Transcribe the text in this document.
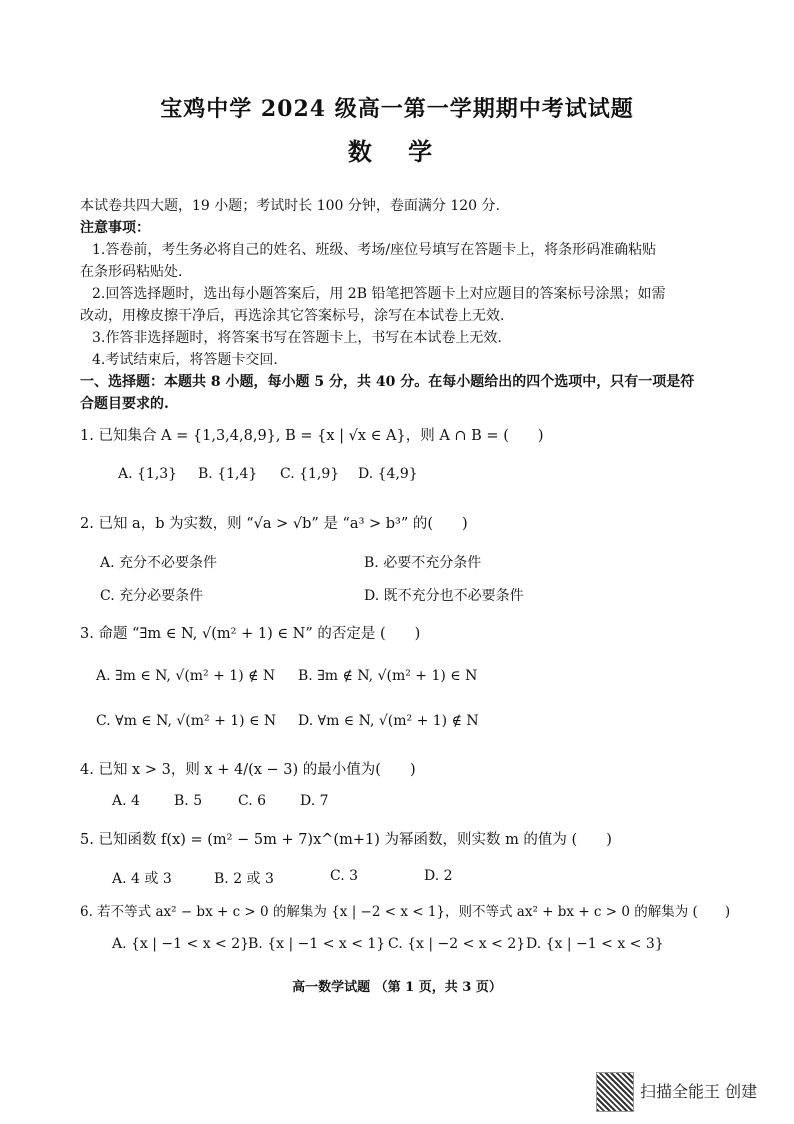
宝鸡中学 2024 级高一第一学期期中考试试题
数 学
本试卷共四大题，19 小题；考试时长 100 分钟，卷面满分 120 分.
注意事项：
1.答卷前，考生务必将自己的姓名、班级、考场/座位号填写在答题卡上，将条形码准确粘贴
在条形码粘贴处.
2.回答选择题时，选出每小题答案后，用 2B 铅笔把答题卡上对应题目的答案标号涂黑；如需
改动，用橡皮擦干净后，再选涂其它答案标号，涂写在本试卷上无效.
3.作答非选择题时，将答案书写在答题卡上，书写在本试卷上无效.
4.考试结束后，将答题卡交回.
一、选择题：本题共 8 小题，每小题 5 分，共 40 分。在每小题给出的四个选项中，只有一项是符
合题目要求的.
1. 已知集合 A = {1,3,4,8,9}, B = {x | √x ∈ A}，则 A ∩ B = (　　)
A. {1,3} B. {1,4} C. {1,9} D. {4,9}
2. 已知 a，b 为实数，则 “√a > √b” 是 “a³ > b³” 的(　　)
A. 充分不必要条件	B. 必要不充分条件
C. 充分必要条件	D. 既不充分也不必要条件
3. 命题 “∃m ∈ N, √(m² + 1) ∈ N” 的否定是 (　　)
A. ∃m ∈ N, √(m² + 1) ∉ N B. ∃m ∉ N, √(m² + 1) ∈ N
C. ∀m ∈ N, √(m² + 1) ∈ N D. ∀m ∈ N, √(m² + 1) ∉ N
4. 已知 x > 3，则 x + 4/(x − 3) 的最小值为(　　)
A. 4 B. 5	C. 6 D. 7
5. 已知函数 f(x) = (m² − 5m + 7)x^(m+1) 为幂函数，则实数 m 的值为 (　　)
A. 4 或 3	B. 2 或 3	C. 3	D. 2
6. 若不等式 ax² − bx + c > 0 的解集为 {x | −2 < x < 1}，则不等式 ax² + bx + c > 0 的解集为 (　　)
A. {x | −1 < x < 2}
B. {x | −1 < x < 1} C. {x | −2 < x < 2} D. {x | −1 < x < 3}
高一数学试题 （第 1 页，共 3 页）
扫描全能王 创建
